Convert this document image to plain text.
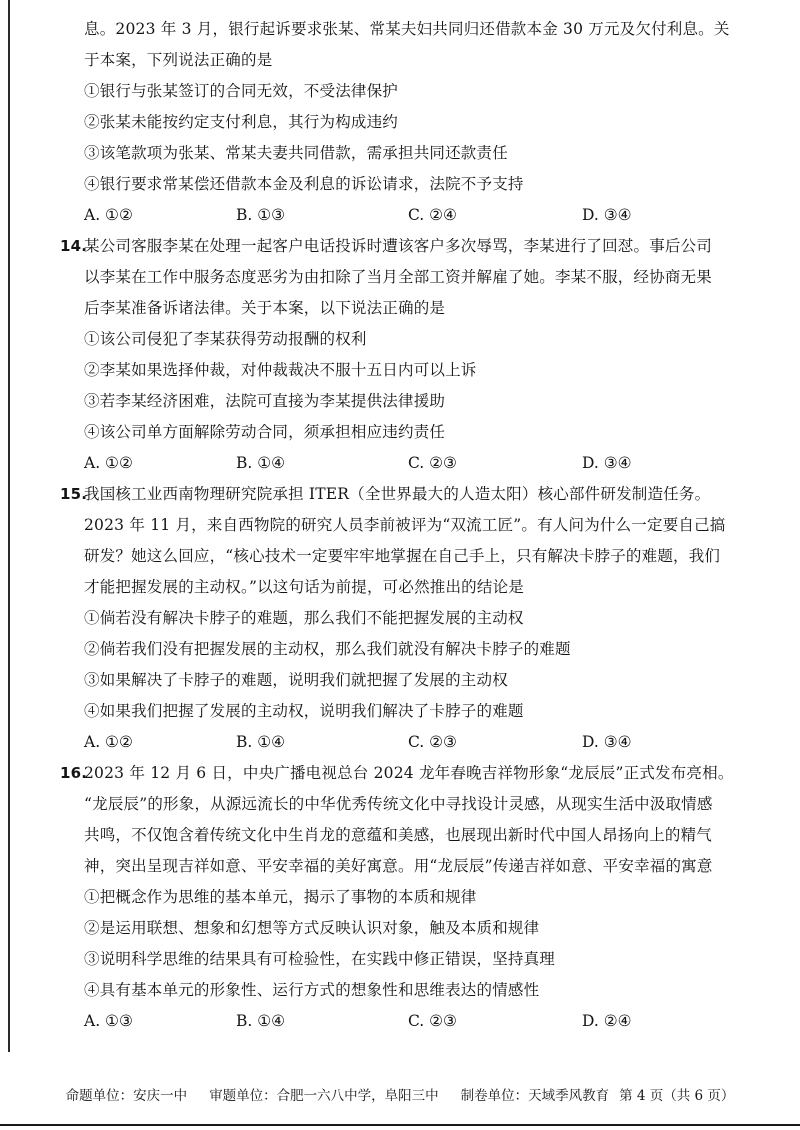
息。2023 年 3 月，银行起诉要求张某、常某夫妇共同归还借款本金 30 万元及欠付利息。关
于本案，下列说法正确的是
①银行与张某签订的合同无效，不受法律保护
②张某未能按约定支付利息，其行为构成违约
③该笔款项为张某、常某夫妻共同借款，需承担共同还款责任
④银行要求常某偿还借款本金及利息的诉讼请求，法院不予支持
A. ①②	B. ①③	C. ②④	D. ③④
14.
某公司客服李某在处理一起客户电话投诉时遭该客户多次辱骂，李某进行了回怼。事后公司
以李某在工作中服务态度恶劣为由扣除了当月全部工资并解雇了她。李某不服，经协商无果
后李某准备诉诸法律。关于本案，以下说法正确的是
①该公司侵犯了李某获得劳动报酬的权利
②李某如果选择仲裁，对仲裁裁决不服十五日内可以上诉
③若李某经济困难，法院可直接为李某提供法律援助
④该公司单方面解除劳动合同，须承担相应违约责任
A. ①②	B. ①④	C. ②③	D. ③④
15.
我国核工业西南物理研究院承担 ITER（全世界最大的人造太阳）核心部件研发制造任务。
2023 年 11 月，来自西物院的研究人员李前被评为“双流工匠”。有人问为什么一定要自己搞
研发？她这么回应，“核心技术一定要牢牢地掌握在自己手上，只有解决卡脖子的难题，我们
才能把握发展的主动权。”以这句话为前提，可必然推出的结论是
①倘若没有解决卡脖子的难题，那么我们不能把握发展的主动权
②倘若我们没有把握发展的主动权，那么我们就没有解决卡脖子的难题
③如果解决了卡脖子的难题，说明我们就把握了发展的主动权
④如果我们把握了发展的主动权，说明我们解决了卡脖子的难题
A. ①②	B. ①④	C. ②③	D. ③④
16.
2023 年 12 月 6 日，中央广播电视总台 2024 龙年春晚吉祥物形象“龙辰辰”正式发布亮相。
“龙辰辰”的形象，从源远流长的中华优秀传统文化中寻找设计灵感，从现实生活中汲取情感
共鸣，不仅饱含着传统文化中生肖龙的意蕴和美感，也展现出新时代中国人昂扬向上的精气
神，突出呈现吉祥如意、平安幸福的美好寓意。用“龙辰辰”传递吉祥如意、平安幸福的寓意
①把概念作为思维的基本单元，揭示了事物的本质和规律
②是运用联想、想象和幻想等方式反映认识对象，触及本质和规律
③说明科学思维的结果具有可检验性，在实践中修正错误，坚持真理
④具有基本单元的形象性、运行方式的想象性和思维表达的情感性
A. ①③	B. ①④	C. ②③	D. ②④
命题单位：安庆一中 审题单位：合肥一六八中学，阜阳三中 制卷单位：天域季风教育 第 4 页（共 6 页）
